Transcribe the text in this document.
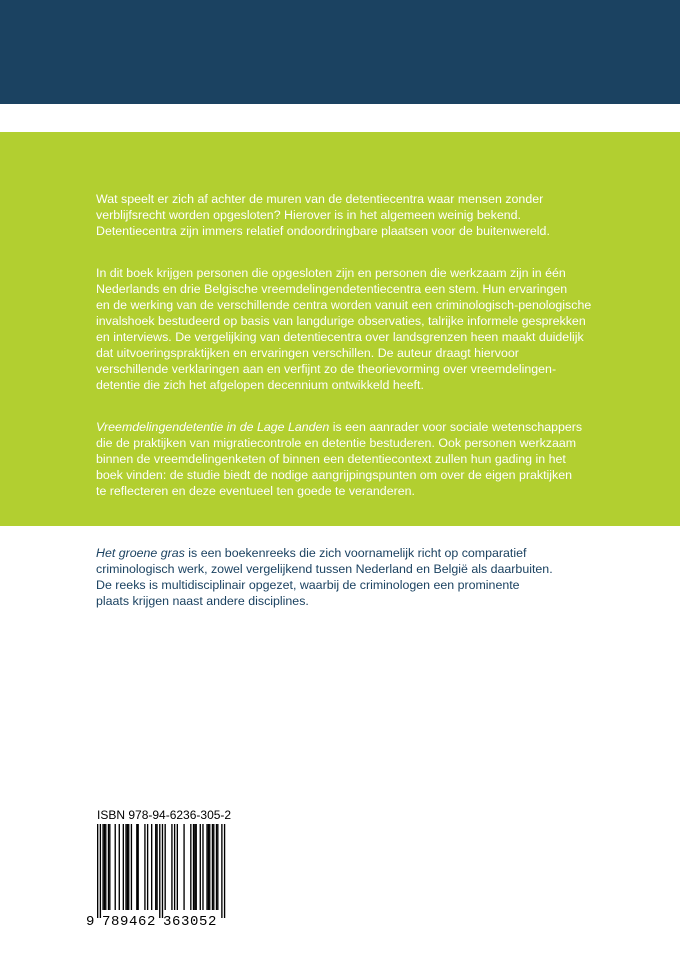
Wat speelt er zich af achter de muren van de detentiecentra waar mensen zonder
verblijfsrecht worden opgesloten? Hierover is in het algemeen weinig bekend.
Detentiecentra zijn immers relatief ondoordringbare plaatsen voor de buitenwereld.

In dit boek krijgen personen die opgesloten zijn en personen die werkzaam zijn in één
Nederlands en drie Belgische vreemdelingendetentiecentra een stem. Hun ervaringen
en de werking van de verschillende centra worden vanuit een criminologisch-penologische
invalshoek bestudeerd op basis van langdurige observaties, talrijke informele gesprekken
en interviews. De vergelijking van detentiecentra over landsgrenzen heen maakt duidelijk
dat uitvoeringspraktijken en ervaringen verschillen. De auteur draagt hiervoor
verschillende verklaringen aan en verfijnt zo de theorievorming over vreemdelingen-
detentie die zich het afgelopen decennium ontwikkeld heeft.

Vreemdelingendetentie in de Lage Landen is een aanrader voor sociale wetenschappers
die de praktijken van migratiecontrole en detentie bestuderen. Ook personen werkzaam
binnen de vreemdelingenketen of binnen een detentiecontext zullen hun gading in het
boek vinden: de studie biedt de nodige aangrijpingspunten om over de eigen praktijken
te reflecteren en deze eventueel ten goede te veranderen.

Het groene gras is een boekenreeks die zich voornamelijk richt op comparatief
criminologisch werk, zowel vergelijkend tussen Nederland en België als daarbuiten.
De reeks is multidisciplinair opgezet, waarbij de criminologen een prominente
plaats krijgen naast andere disciplines.

ISBN 978-94-6236-305-2
9 789462 363052
